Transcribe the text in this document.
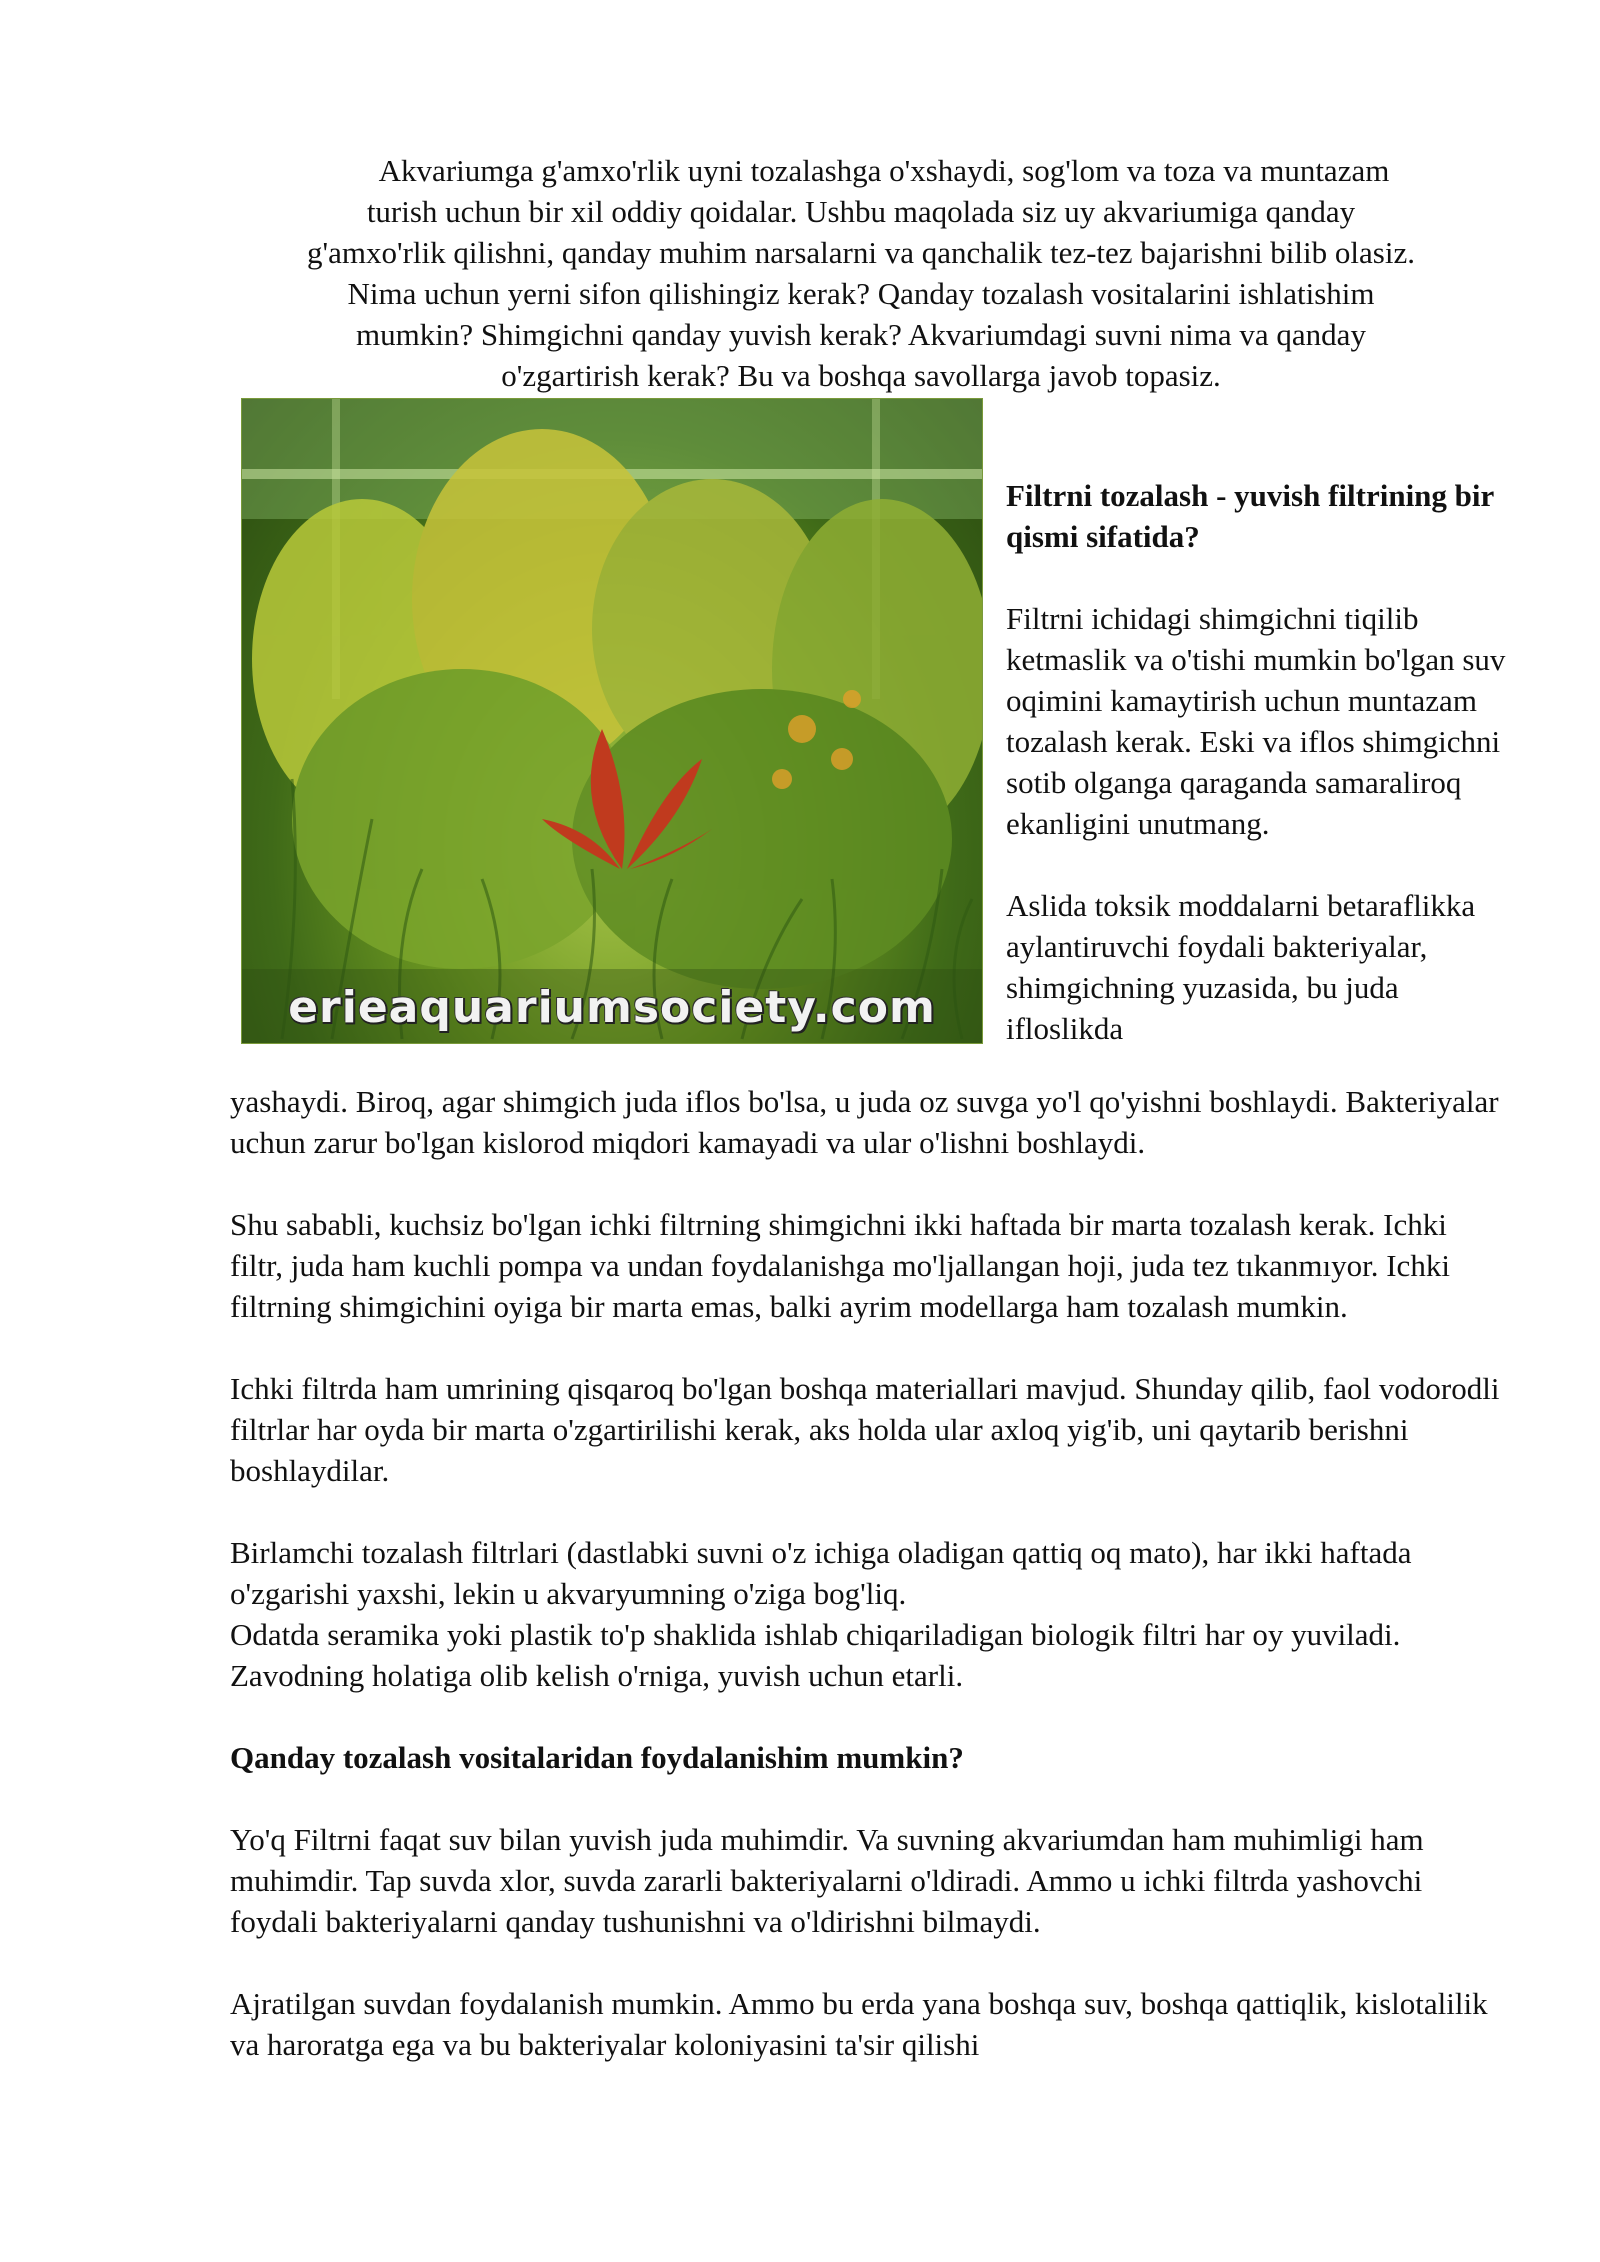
Akvariumga g'amxo'rlik uyni tozalashga o'xshaydi, sog'lom va toza va muntazam
turish uchun bir xil oddiy qoidalar. Ushbu maqolada siz uy akvariumiga qanday
g'amxo'rlik qilishni, qanday muhim narsalarni va qanchalik tez-tez bajarishni bilib olasiz.
Nima uchun yerni sifon qilishingiz kerak? Qanday tozalash vositalarini ishlatishim
mumkin? Shimgichni qanday yuvish kerak? Akvariumdagi suvni nima va qanday
o'zgartirish kerak? Bu va boshqa savollarga javob topasiz.

erieaquariumsociety.com
Filtrni tozalash - yuvish filtrining bir qismi sifatida?

Filtrni ichidagi shimgichni tiqilib ketmaslik va o'tishi mumkin bo'lgan suv oqimini kamaytirish uchun muntazam tozalash kerak. Eski va iflos shimgichni sotib olganga qaraganda samaraliroq ekanligini unutmang.

Aslida toksik moddalarni betaraflikka aylantiruvchi foydali bakteriyalar, shimgichning yuzasida, bu juda ifloslikda

yashaydi. Biroq, agar shimgich juda iflos bo'lsa, u juda oz suvga yo'l qo'yishni boshlaydi. Bakteriyalar uchun zarur bo'lgan kislorod miqdori kamayadi va ular o'lishni boshlaydi.

Shu sababli, kuchsiz bo'lgan ichki filtrning shimgichni ikki haftada bir marta tozalash kerak. Ichki filtr, juda ham kuchli pompa va undan foydalanishga mo'ljallangan hoji, juda tez tıkanmıyor. Ichki filtrning shimgichini oyiga bir marta emas, balki ayrim modellarga ham tozalash mumkin.

Ichki filtrda ham umrining qisqaroq bo'lgan boshqa materiallari mavjud. Shunday qilib, faol vodorodli filtrlar har oyda bir marta o'zgartirilishi kerak, aks holda ular axloq yig'ib, uni qaytarib berishni boshlaydilar.

Birlamchi tozalash filtrlari (dastlabki suvni o'z ichiga oladigan qattiq oq mato), har ikki haftada o'zgarishi yaxshi, lekin u akvaryumning o'ziga bog'liq.

Odatda seramika yoki plastik to'p shaklida ishlab chiqariladigan biologik filtri har oy yuviladi. Zavodning holatiga olib kelish o'rniga, yuvish uchun etarli.

Qanday tozalash vositalaridan foydalanishim mumkin?

Yo'q Filtrni faqat suv bilan yuvish juda muhimdir. Va suvning akvariumdan ham muhimligi ham muhimdir. Tap suvda xlor, suvda zararli bakteriyalarni o'ldiradi. Ammo u ichki filtrda yashovchi foydali bakteriyalarni qanday tushunishni va o'ldirishni bilmaydi.

Ajratilgan suvdan foydalanish mumkin. Ammo bu erda yana boshqa suv, boshqa qattiqlik, kislotalilik va haroratga ega va bu bakteriyalar koloniyasini ta'sir qilishi
